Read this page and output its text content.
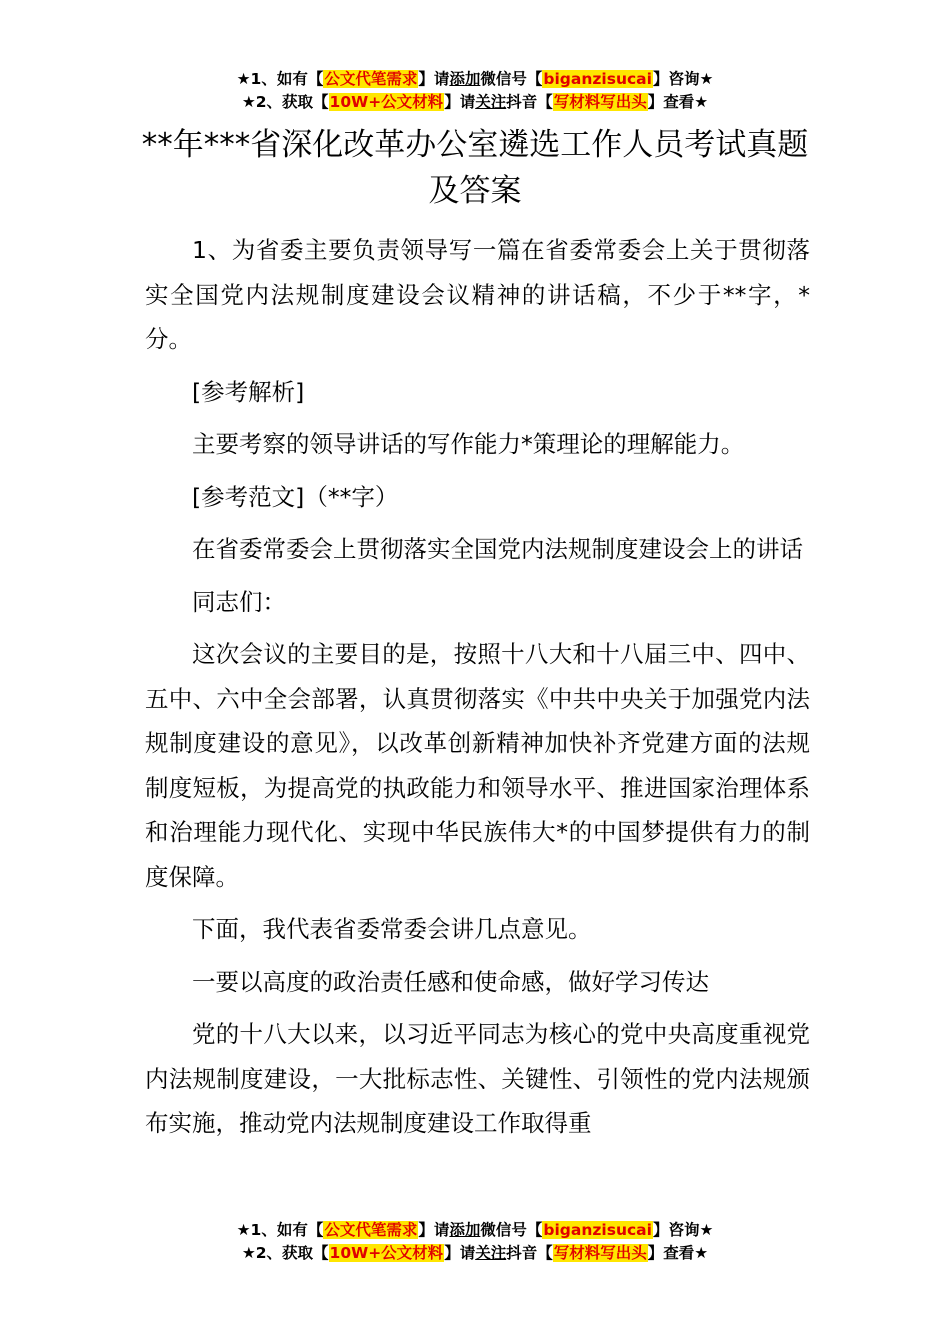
★1、如有【公文代笔需求】请添加微信号【biganzisucai】咨询★
★2、获取【10W+公文材料】请关注抖音【写材料写出头】查看★
**年***省深化改革办公室遴选工作人员考试真题及答案

1、为省委主要负责领导写一篇在省委常委会上关于贯彻落实全国党内法规制度建设会议精神的讲话稿，不少于**字，*分。

[参考解析]

主要考察的领导讲话的写作能力*策理论的理解能力。

[参考范文]（**字）

在省委常委会上贯彻落实全国党内法规制度建设会上的讲话

同志们：

这次会议的主要目的是，按照十八大和十八届三中、四中、五中、六中全会部署，认真贯彻落实《中共中央关于加强党内法规制度建设的意见》，以改革创新精神加快补齐党建方面的法规制度短板，为提高党的执政能力和领导水平、推进国家治理体系和治理能力现代化、实现中华民族伟大*的中国梦提供有力的制度保障。

下面，我代表省委常委会讲几点意见。

一要以高度的政治责任感和使命感，做好学习传达

党的十八大以来，以习近平同志为核心的党中央高度重视党内法规制度建设，一大批标志性、关键性、引领性的党内法规颁布实施，推动党内法规制度建设工作取得重

★1、如有【公文代笔需求】请添加微信号【biganzisucai】咨询★
★2、获取【10W+公文材料】请关注抖音【写材料写出头】查看★
